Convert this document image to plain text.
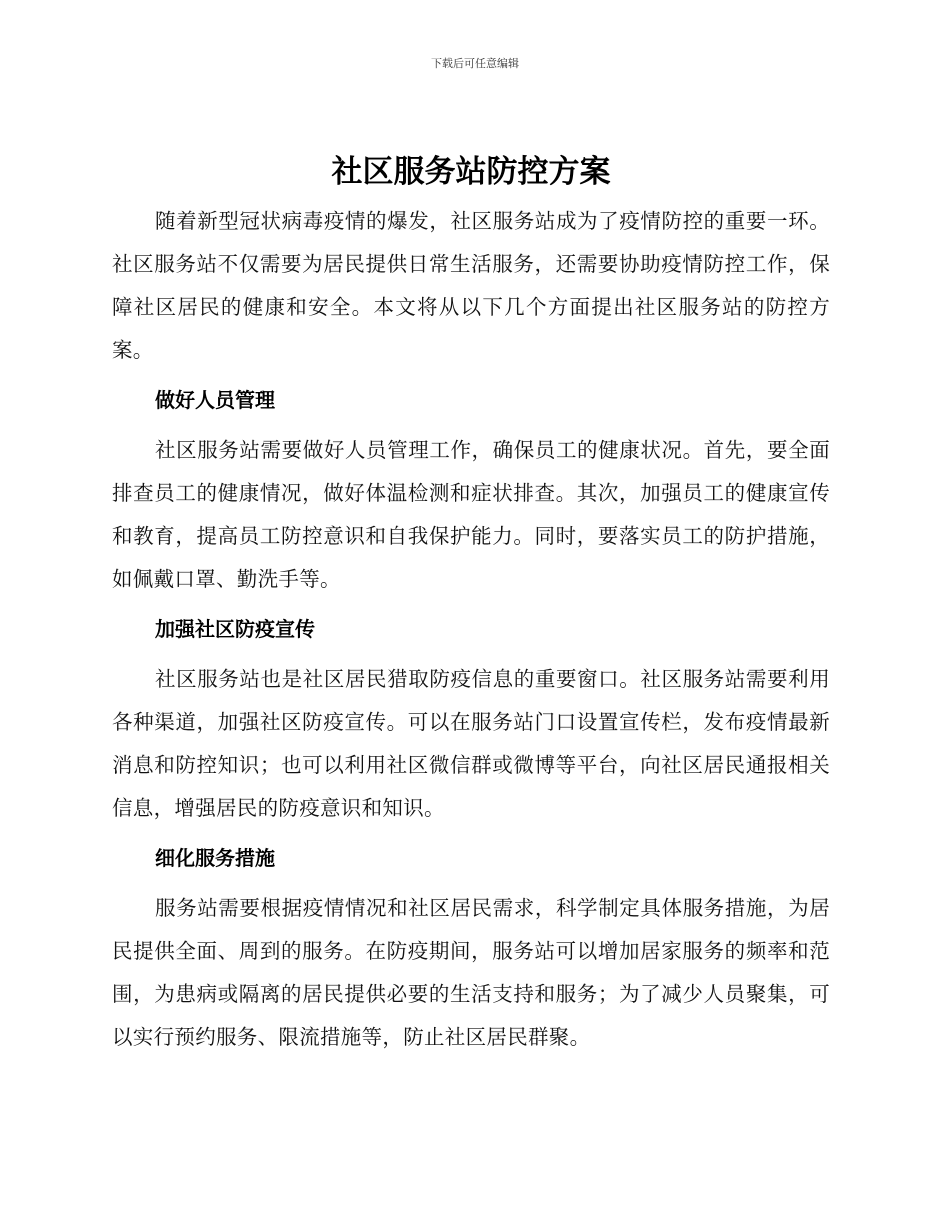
下载后可任意编辑
社区服务站防控方案

随着新型冠状病毒疫情的爆发，社区服务站成为了疫情防控的重要一环。社区服务站不仅需要为居民提供日常生活服务，还需要协助疫情防控工作，保障社区居民的健康和安全。本文将从以下几个方面提出社区服务站的防控方案。

做好人员管理

社区服务站需要做好人员管理工作，确保员工的健康状况。首先，要全面排查员工的健康情况，做好体温检测和症状排查。其次，加强员工的健康宣传和教育，提高员工防控意识和自我保护能力。同时，要落实员工的防护措施，如佩戴口罩、勤洗手等。

加强社区防疫宣传

社区服务站也是社区居民猎取防疫信息的重要窗口。社区服务站需要利用各种渠道，加强社区防疫宣传。可以在服务站门口设置宣传栏，发布疫情最新消息和防控知识；也可以利用社区微信群或微博等平台，向社区居民通报相关信息，增强居民的防疫意识和知识。

细化服务措施

服务站需要根据疫情情况和社区居民需求，科学制定具体服务措施，为居民提供全面、周到的服务。在防疫期间，服务站可以增加居家服务的频率和范围，为患病或隔离的居民提供必要的生活支持和服务；为了减少人员聚集，可以实行预约服务、限流措施等，防止社区居民群聚。
